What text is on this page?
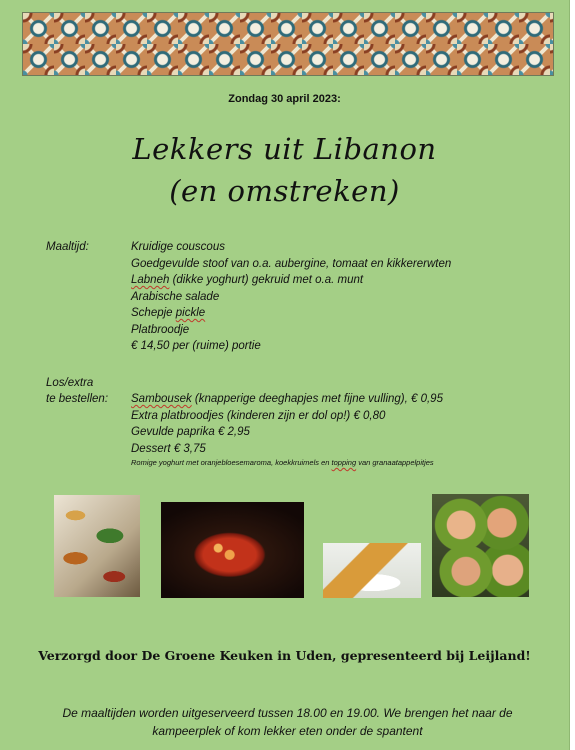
Zondag 30 april 2023:
Lekkers uit Libanon
(en omstreken)
Maaltijd:	Kruidige couscous
Goedgevulde stoof van o.a. aubergine, tomaat en kikkererwten
Labneh (dikke yoghurt) gekruid met o.a. munt
Arabische salade
Schepje pickle
Platbroodje
€ 14,50 per (ruime) portie
Los/extra
te bestellen:
	Sambousek (knapperige deeghapjes met fijne vulling), € 0,95
Extra platbroodjes (kinderen zijn er dol op!) € 0,80
Gevulde paprika € 2,95
Dessert € 3,75
Romige yoghurt met oranjebloesemaroma, koekkruimels en topping van granaatappelpitjes
Verzorgd door De Groene Keuken in Uden, gepresenteerd bij Leijland!
De maaltijden worden uitgeserveerd tussen 18.00 en 19.00. We brengen het naar de kampeerplek of kom lekker eten onder de spantent
